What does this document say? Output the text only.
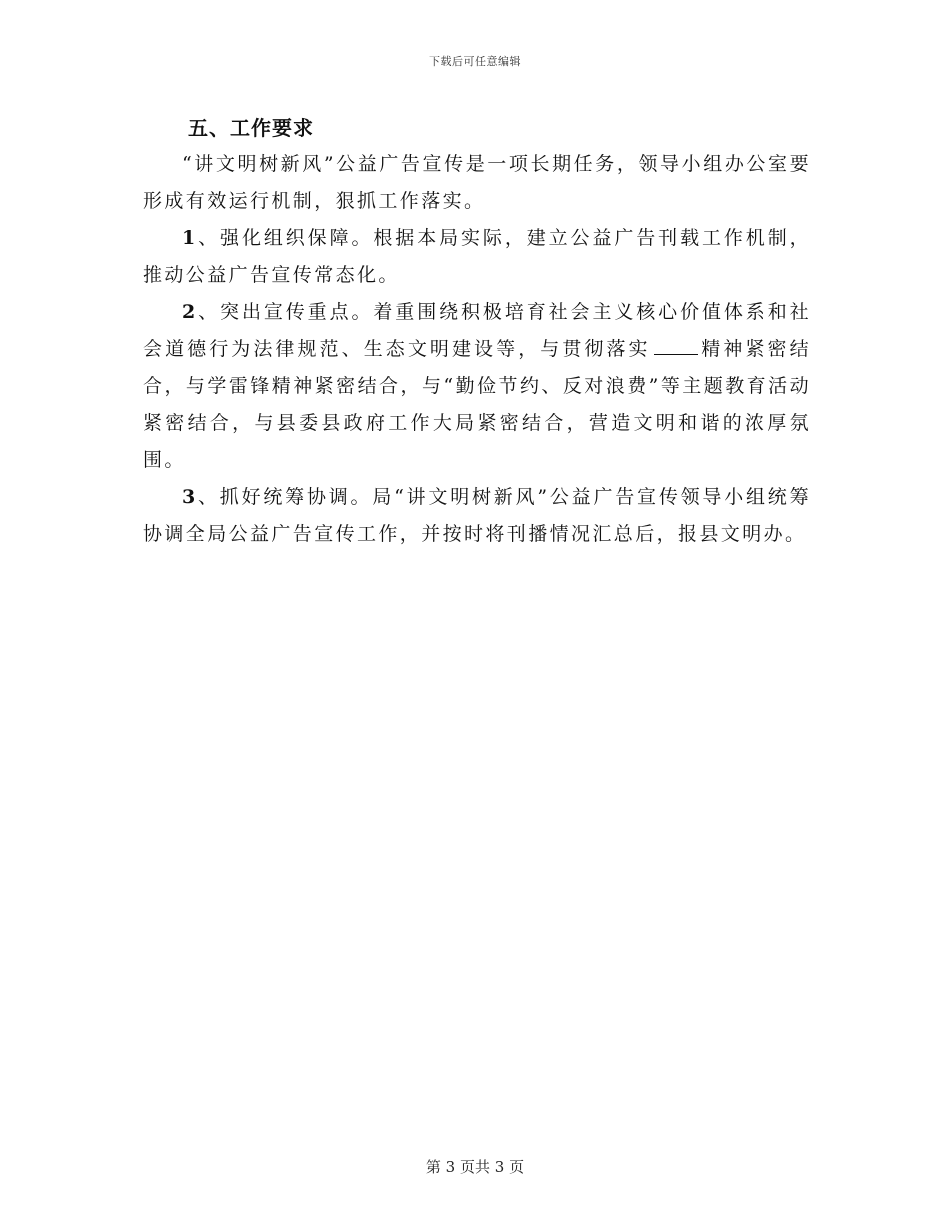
下载后可任意编辑

五、工作要求

“讲文明树新风”公益广告宣传是一项长期任务，领导小组办公室要形成有效运行机制，狠抓工作落实。

1、强化组织保障。根据本局实际，建立公益广告刊载工作机制，推动公益广告宣传常态化。

2、突出宣传重点。着重围绕积极培育社会主义核心价值体系和社会道德行为法律规范、生态文明建设等，与贯彻落实	精神紧密结合，与学雷锋精神紧密结合，与“勤俭节约、反对浪费”等主题教育活动紧密结合，与县委县政府工作大局紧密结合，营造文明和谐的浓厚氛围。

3、抓好统筹协调。局“讲文明树新风”公益广告宣传领导小组统筹协调全局公益广告宣传工作，并按时将刊播情况汇总后，报县文明办。

第 3 页共 3 页
